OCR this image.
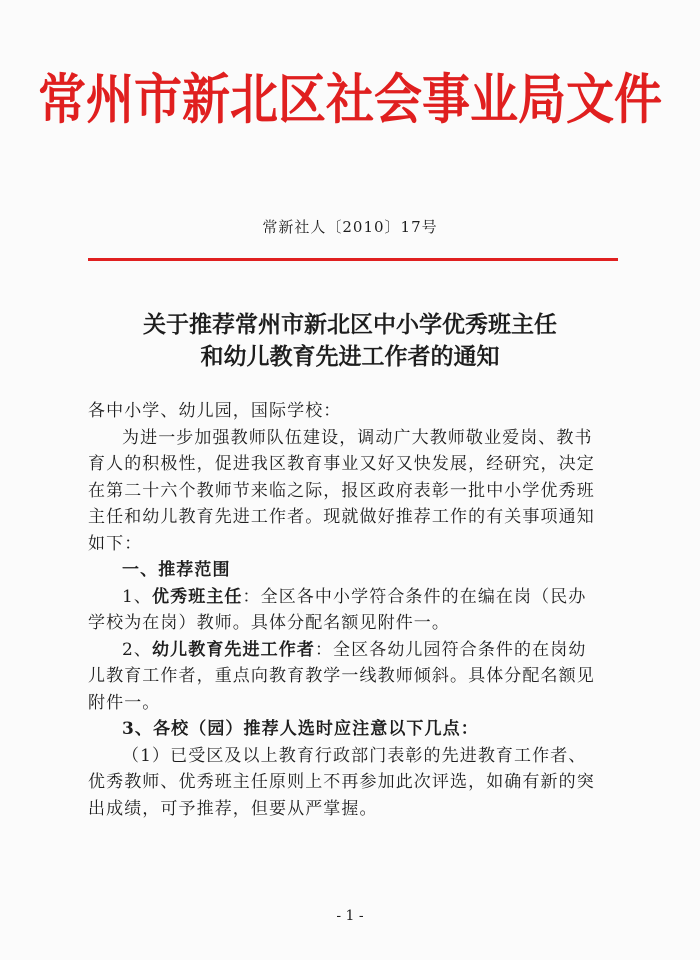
常州市新北区社会事业局文件
常新社人〔2010〕17号
关于推荐常州市新北区中小学优秀班主任
和幼儿教育先进工作者的通知

各中小学、幼儿园，国际学校：

为进一步加强教师队伍建设，调动广大教师敬业爱岗、教书

育人的积极性，促进我区教育事业又好又快发展，经研究，决定

在第二十六个教师节来临之际，报区政府表彰一批中小学优秀班

主任和幼儿教育先进工作者。现就做好推荐工作的有关事项通知

如下：

一、推荐范围

1、优秀班主任：全区各中小学符合条件的在编在岗（民办

学校为在岗）教师。具体分配名额见附件一。

2、幼儿教育先进工作者：全区各幼儿园符合条件的在岗幼

儿教育工作者，重点向教育教学一线教师倾斜。具体分配名额见

附件一。

3、各校（园）推荐人选时应注意以下几点：

（1）已受区及以上教育行政部门表彰的先进教育工作者、

优秀教师、优秀班主任原则上不再参加此次评选，如确有新的突

出成绩，可予推荐，但要从严掌握。

- 1 -
